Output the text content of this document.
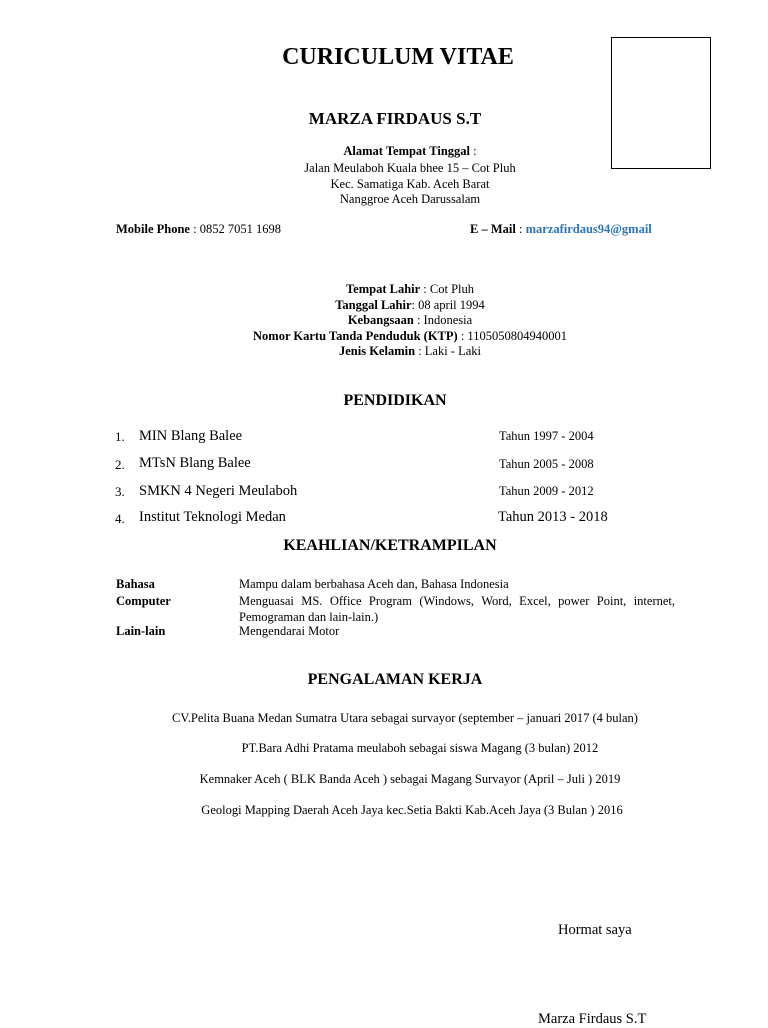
CURICULUM VITAE
MARZA FIRDAUS S.T
Alamat Tempat Tinggal :
Jalan Meulaboh Kuala bhee 15 – Cot Pluh
Kec. Samatiga Kab. Aceh Barat
Nanggroe Aceh Darussalam
Mobile Phone : 0852 7051 1698	E – Mail : marzafirdaus94@gmail
Tempat Lahir : Cot Pluh
Tanggal Lahir: 08 april 1994
Kebangsaan : Indonesia
Nomor Kartu Tanda Penduduk (KTP) : 1105050804940001
Jenis Kelamin : Laki - Laki
PENDIDIKAN
1. MIN Blang Balee	Tahun 1997 - 2004
2. MTsN Blang Balee	Tahun 2005 - 2008
3. SMKN 4 Negeri Meulaboh	Tahun 2009 - 2012
4. Institut Teknologi Medan	Tahun 2013 - 2018
KEAHLIAN/KETRAMPILAN
Bahasa	Mampu dalam berbahasa Aceh dan, Bahasa Indonesia
Computer	Menguasai MS. Office Program (Windows, Word, Excel, power Point, internet, Pemograman dan lain-lain.)
Lain-lain	Mengendarai Motor
PENGALAMAN KERJA
CV.Pelita Buana Medan Sumatra Utara sebagai survayor (september – januari 2017 (4 bulan)
PT.Bara Adhi Pratama meulaboh sebagai siswa Magang (3 bulan) 2012
Kemnaker Aceh ( BLK Banda Aceh ) sebagai Magang Survayor (April – Juli ) 2019
Geologi Mapping Daerah Aceh Jaya kec.Setia Bakti Kab.Aceh Jaya (3 Bulan ) 2016
Hormat saya
Marza Firdaus S.T
